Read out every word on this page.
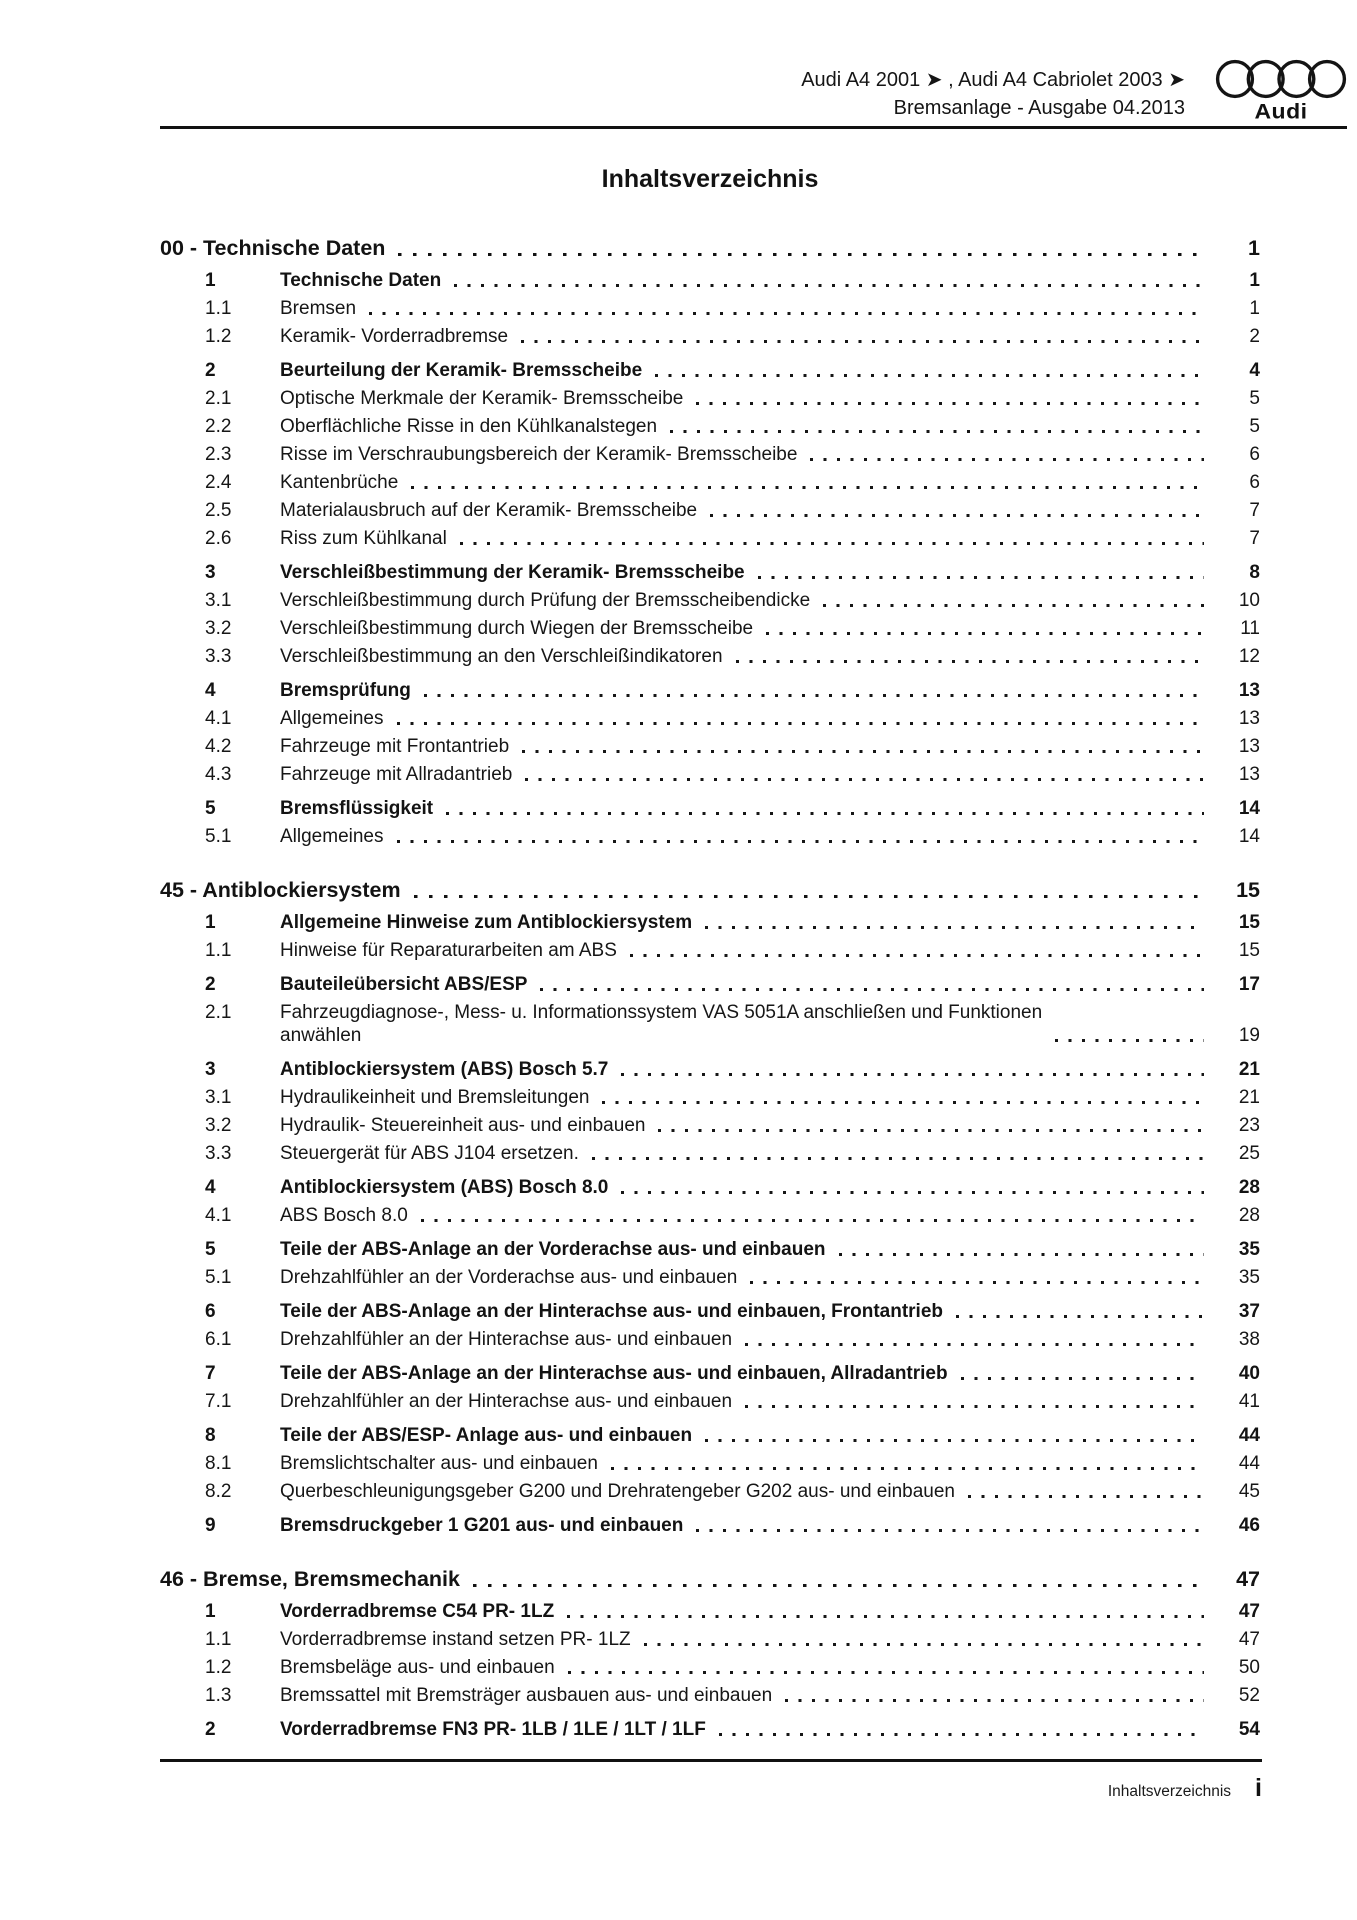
Audi A4 2001 ➤ , Audi A4 Cabriolet 2003 ➤
Bremsanlage - Ausgabe 04.2013	Audi
Inhaltsverzeichnis
00 - Technische Daten	1
1	Technische Daten	1
1.1	Bremsen	1
1.2	Keramik- Vorderradbremse	2
2	Beurteilung der Keramik- Bremsscheibe	4
2.1	Optische Merkmale der Keramik- Bremsscheibe	5
2.2	Oberflächliche Risse in den Kühlkanalstegen	5
2.3	Risse im Verschraubungsbereich der Keramik- Bremsscheibe	6
2.4	Kantenbrüche	6
2.5	Materialausbruch auf der Keramik- Bremsscheibe	7
2.6	Riss zum Kühlkanal	7
3	Verschleißbestimmung der Keramik- Bremsscheibe	8
3.1	Verschleißbestimmung durch Prüfung der Bremsscheibendicke	10
3.2	Verschleißbestimmung durch Wiegen der Bremsscheibe	11
3.3	Verschleißbestimmung an den Verschleißindikatoren	12
4	Bremsprüfung	13
4.1	Allgemeines	13
4.2	Fahrzeuge mit Frontantrieb	13
4.3	Fahrzeuge mit Allradantrieb	13
5	Bremsflüssigkeit	14
5.1	Allgemeines	14
45 - Antiblockiersystem	15
1	Allgemeine Hinweise zum Antiblockiersystem	15
1.1	Hinweise für Reparaturarbeiten am ABS	15
2	Bauteileübersicht ABS/ESP	17
2.1	Fahrzeugdiagnose-, Mess- u. Informationssystem VAS 5051A anschließen und Funktionen
anwählen	19
3	Antiblockiersystem (ABS) Bosch 5.7	21
3.1	Hydraulikeinheit und Bremsleitungen	21
3.2	Hydraulik- Steuereinheit aus- und einbauen	23
3.3	Steuergerät für ABS J104 ersetzen.	25
4	Antiblockiersystem (ABS) Bosch 8.0	28
4.1	ABS Bosch 8.0	28
5	Teile der ABS-Anlage an der Vorderachse aus- und einbauen	35
5.1	Drehzahlfühler an der Vorderachse aus- und einbauen	35
6	Teile der ABS-Anlage an der Hinterachse aus- und einbauen, Frontantrieb	37
6.1	Drehzahlfühler an der Hinterachse aus- und einbauen	38
7	Teile der ABS-Anlage an der Hinterachse aus- und einbauen, Allradantrieb	40
7.1	Drehzahlfühler an der Hinterachse aus- und einbauen	41
8	Teile der ABS/ESP- Anlage aus- und einbauen	44
8.1	Bremslichtschalter aus- und einbauen	44
8.2	Querbeschleunigungsgeber G200 und Drehratengeber G202 aus- und einbauen	45
9	Bremsdruckgeber 1 G201 aus- und einbauen	46
46 - Bremse, Bremsmechanik	47
1	Vorderradbremse C54 PR- 1LZ	47
1.1	Vorderradbremse instand setzen PR- 1LZ	47
1.2	Bremsbeläge aus- und einbauen	50
1.3	Bremssattel mit Bremsträger ausbauen aus- und einbauen	52
2	Vorderradbremse FN3 PR- 1LB / 1LE / 1LT / 1LF	54
Inhaltsverzeichnis i
